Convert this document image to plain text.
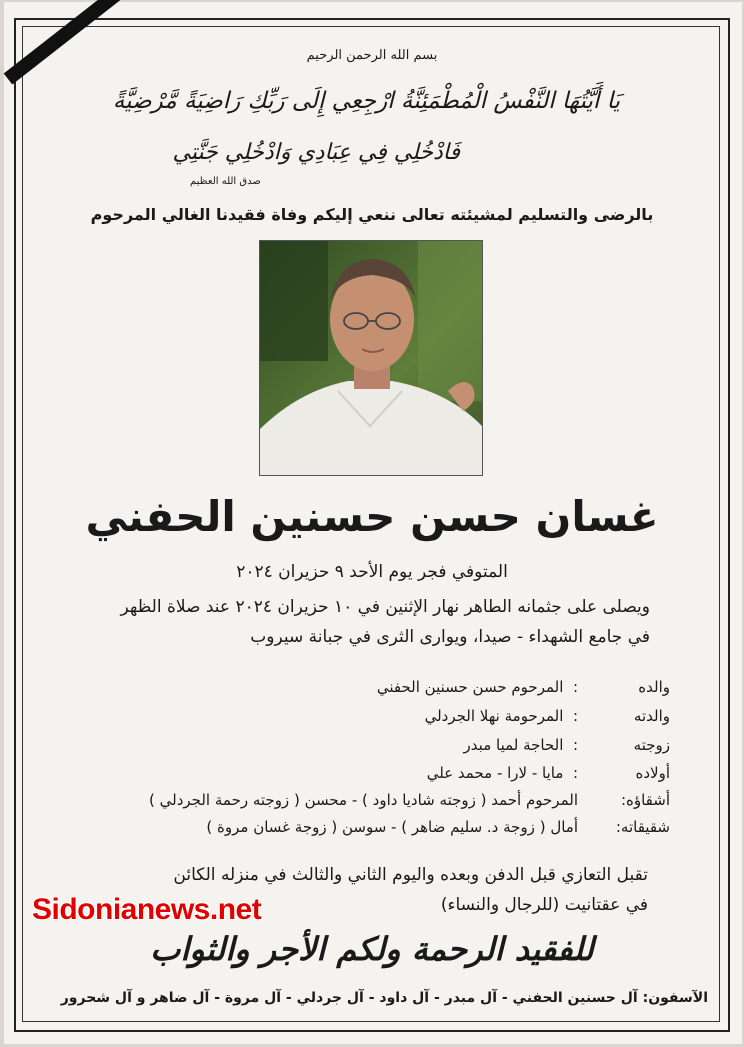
بسم الله الرحمن الرحيم
يَا أَيَّتُهَا النَّفْسُ الْمُطْمَئِنَّةُ ارْجِعِي إِلَى رَبِّكِ رَاضِيَةً مَّرْضِيَّةً
فَادْخُلِي فِي عِبَادِي وَادْخُلِي جَنَّتِي
صدق الله العظيم
بالرضى والتسليم لمشيئته تعالى ننعي إليكم وفاة فقيدنا الغالي المرحوم
غسان حسن حسنين الحفني
المتوفي فجر يوم الأحد ٩ حزيران ٢٠٢٤
ويصلى على جثمانه الطاهر نهار الإثنين في ١٠ حزيران ٢٠٢٤ عند صلاة الظهر
في جامع الشهداء - صيدا، ويوارى الثرى في جبانة سيروب
والده:  المرحوم حسن حسنين الحفني
والدته:  المرحومة نهلا الجردلي
زوجته:  الحاجة لميا مبدر
أولاده:  مايا - لارا - محمد علي
أشقاؤه:المرحوم أحمد ( زوجته شاديا داود ) - محسن ( زوجته رحمة الجردلي )
شقيقاته:أمال ( زوجة د. سليم ضاهر ) - سوسن ( زوجة غسان مروة )
تقبل التعازي قبل الدفن وبعده واليوم الثاني والثالث في منزله الكائن
في عقتانيت (للرجال والنساء)
للفقيد الرحمة ولكم الأجر والثواب
الآسفون: آل حسنين الحفني - آل مبدر - آل داود - آل جردلي - آل مروة - آل ضاهر و آل شحرور
Sidonianews.net
